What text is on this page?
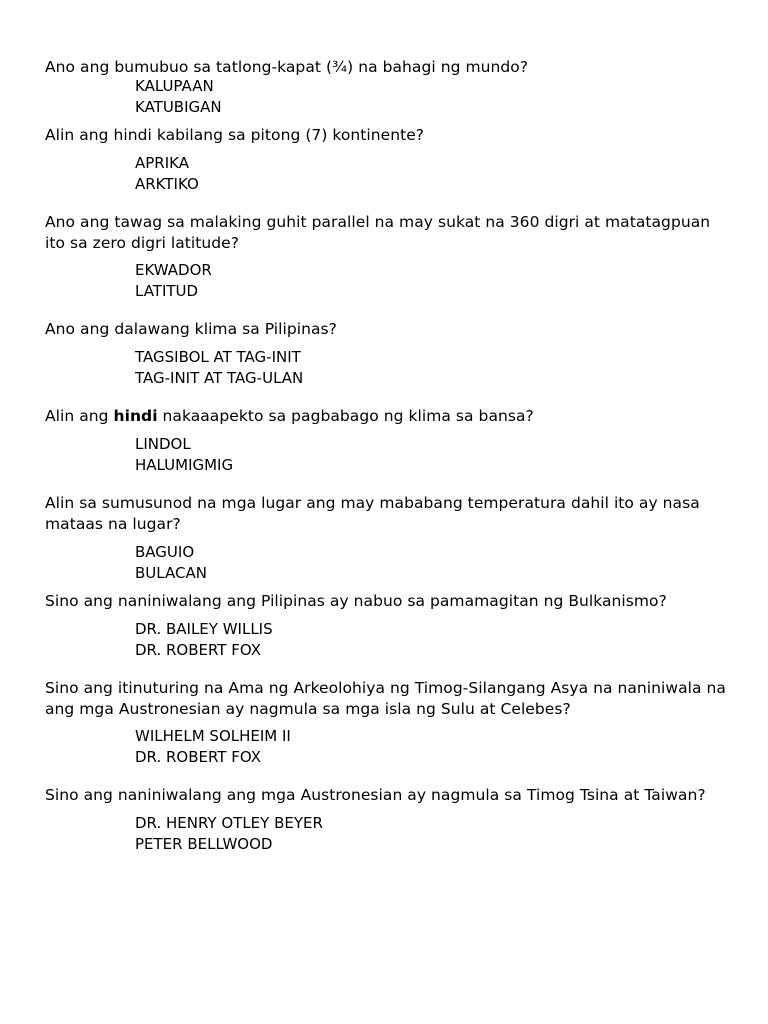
Ano ang bumubuo sa tatlong-kapat (¾) na bahagi ng mundo?
KALUPAAN
KATUBIGAN
Alin ang hindi kabilang sa pitong (7) kontinente?
APRIKA
ARKTIKO
Ano ang tawag sa malaking guhit parallel na may sukat na 360 digri at matatagpuan ito sa zero digri latitude?
EKWADOR
LATITUD
Ano ang dalawang klima sa Pilipinas?
TAGSIBOL AT TAG-INIT
TAG-INIT AT TAG-ULAN
Alin ang hindi nakaaapekto sa pagbabago ng klima sa bansa?
LINDOL
HALUMIGMIG
Alin sa sumusunod na mga lugar ang may mababang temperatura dahil ito ay nasa mataas na lugar?
BAGUIO
BULACAN
Sino ang naniniwalang ang Pilipinas ay nabuo sa pamamagitan ng Bulkanismo?
DR. BAILEY WILLIS
DR. ROBERT FOX
Sino ang itinuturing na Ama ng Arkeolohiya ng Timog-Silangang Asya na naniniwala na ang mga Austronesian ay nagmula sa mga isla ng Sulu at Celebes?
WILHELM SOLHEIM II
DR. ROBERT FOX
Sino ang naniniwalang ang mga Austronesian ay nagmula sa Timog Tsina at Taiwan?
DR. HENRY OTLEY BEYER
PETER BELLWOOD
